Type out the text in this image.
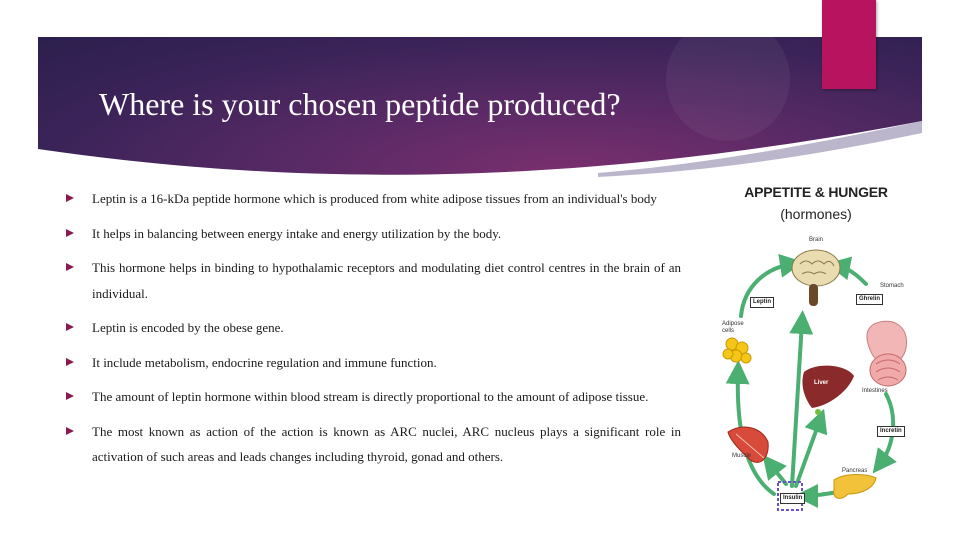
Where is your chosen peptide produced?
Leptin is a 16-kDa peptide hormone which is produced from white adipose tissues from an individual's body
It helps in balancing between energy intake and energy utilization by the body.
This hormone helps in binding to hypothalamic receptors and modulating diet control centres in the brain of an individual.
Leptin is encoded by the obese gene.
It include metabolism, endocrine regulation and immune function.
The amount of leptin hormone within blood stream is directly proportional to the amount of adipose tissue.
The most known as action of the action is known as ARC nuclei, ARC nucleus plays a significant role in activation of such areas and leads changes including thyroid, gonad and others.
APPETITE & HUNGER
(hormones)
Brain
Stomach
Intestines
Pancreas
Muscle
Adipose cells
Liver
Leptin	Ghrelin
Incretin
Insulin
